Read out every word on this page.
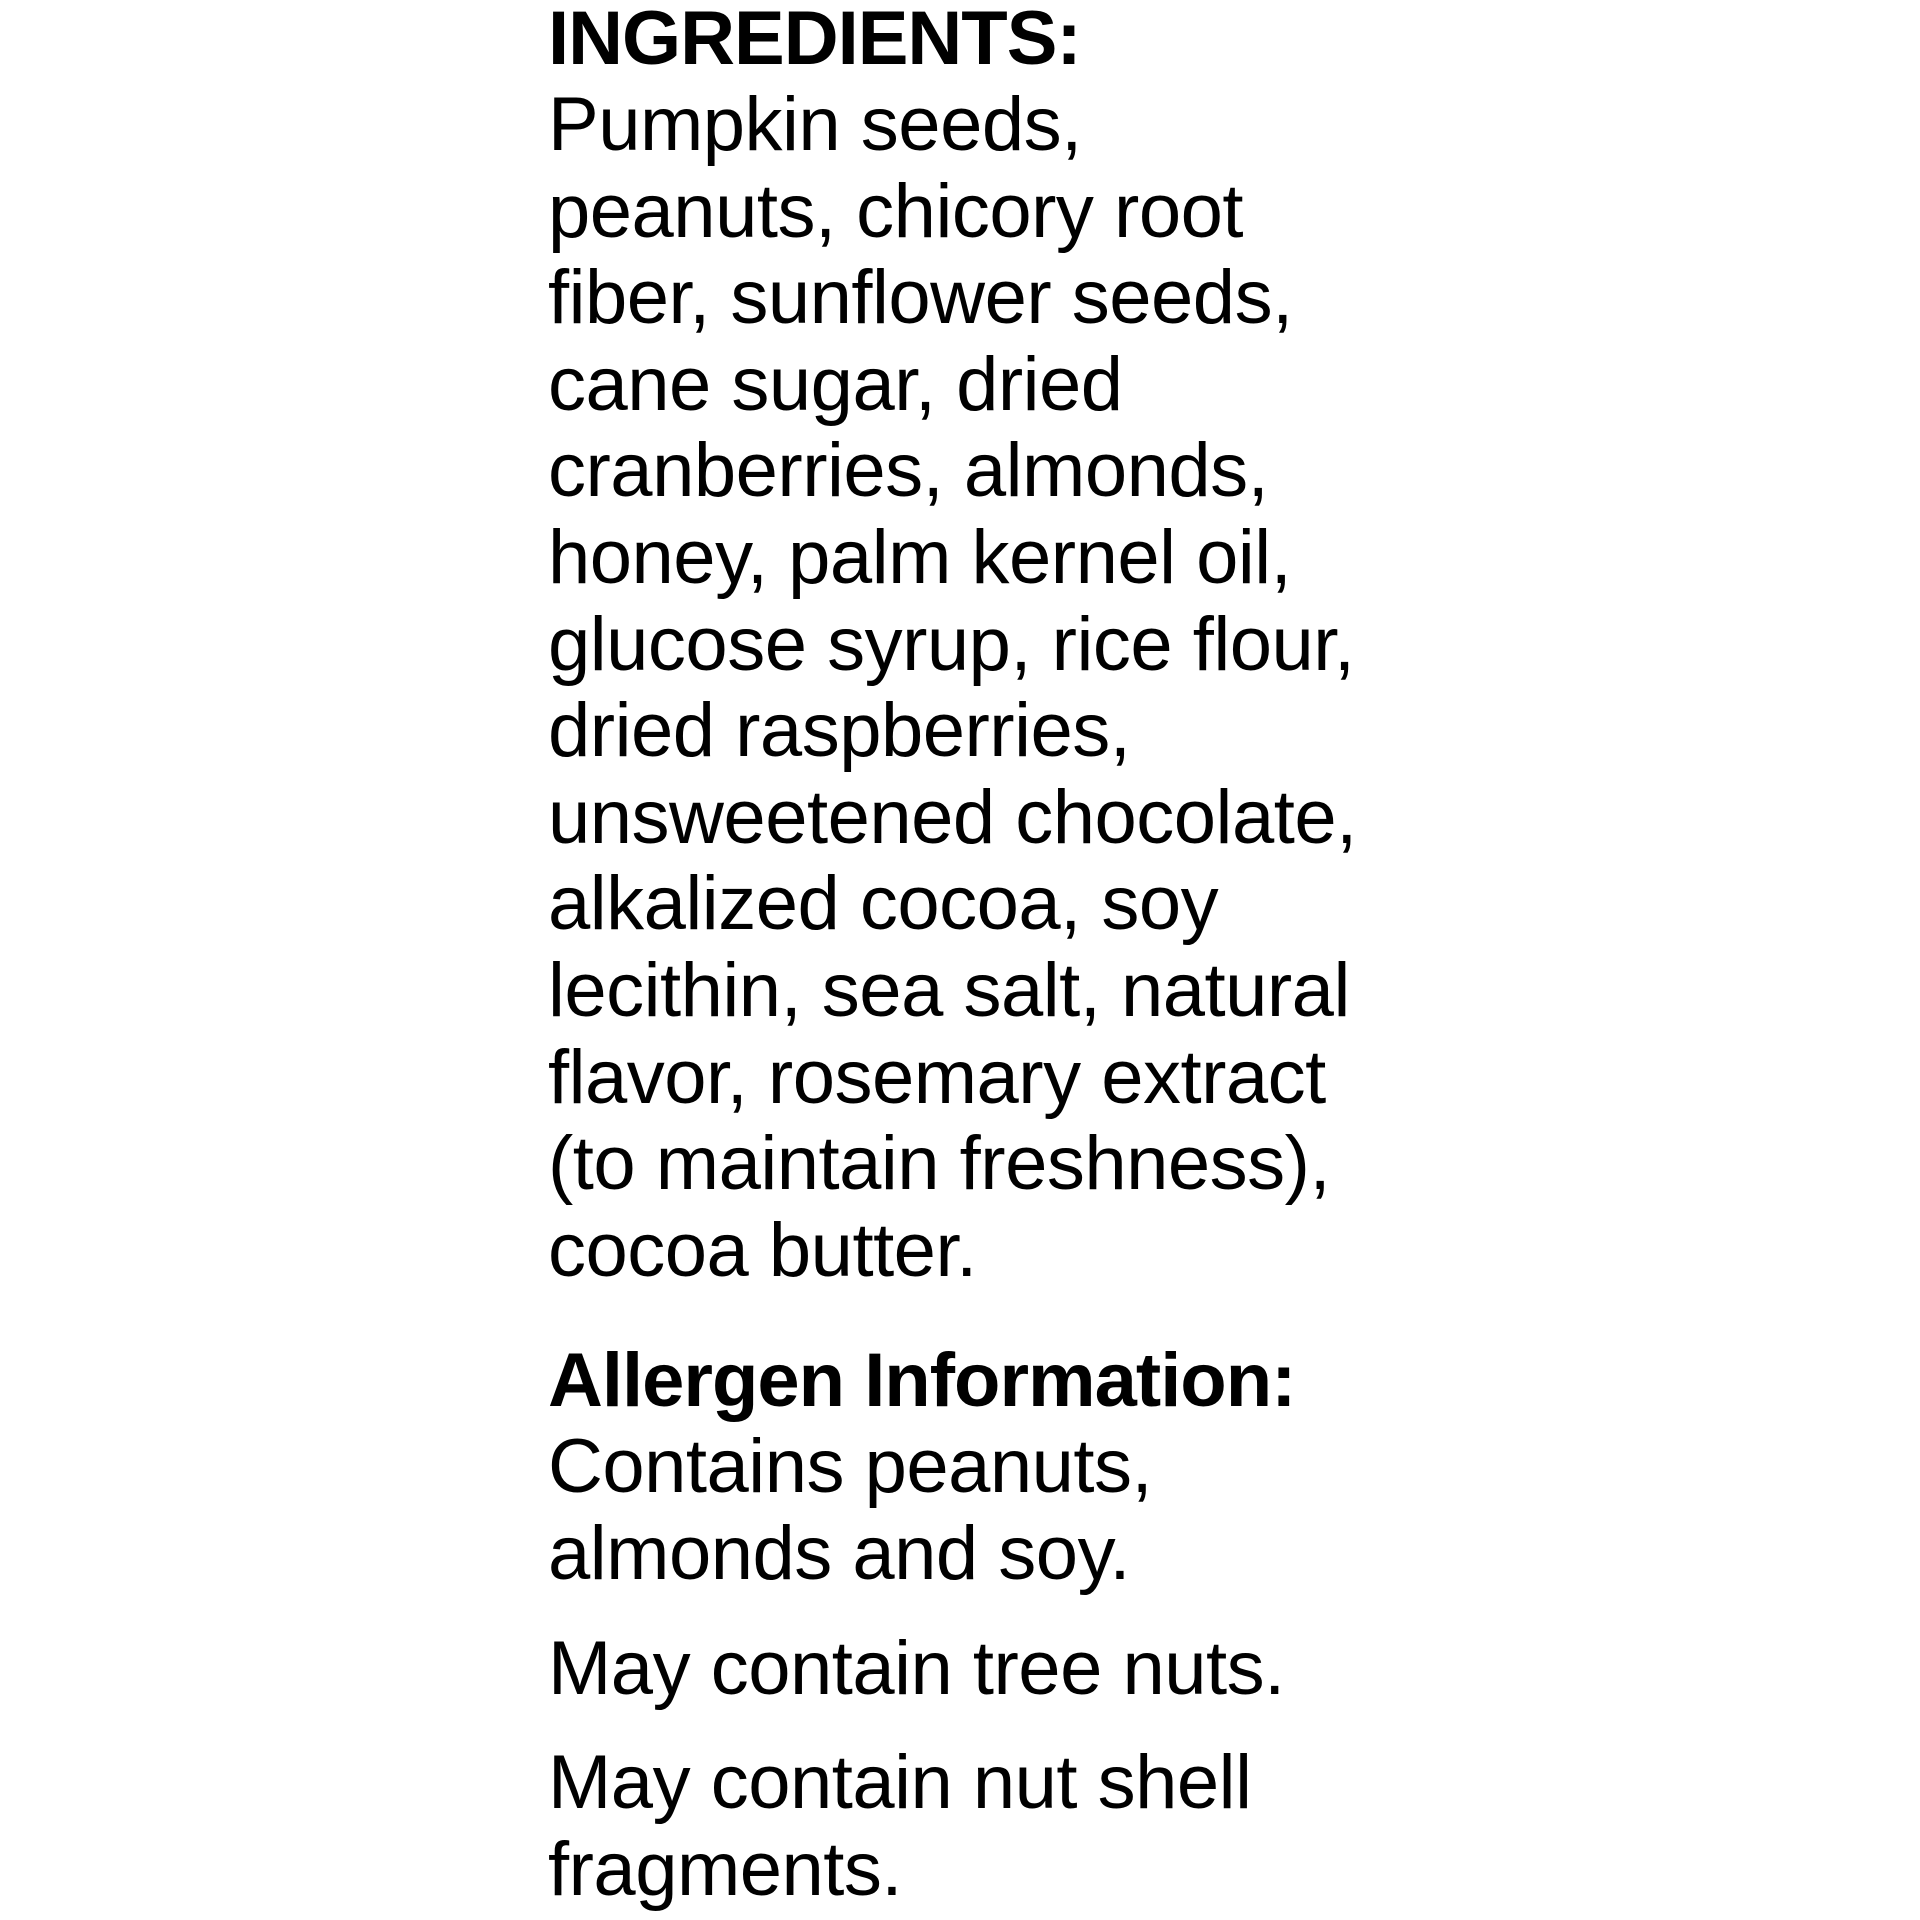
INGREDIENTS:

Pumpkin seeds,
peanuts, chicory root
fiber, sunflower seeds,
cane sugar, dried
cranberries, almonds,
honey, palm kernel oil,
glucose syrup, rice flour,
dried raspberries,
unsweetened chocolate,
alkalized cocoa, soy
lecithin, sea salt, natural
flavor, rosemary extract
(to maintain freshness),
cocoa butter.

Allergen Information:

Contains peanuts,
almonds and soy.

May contain tree nuts.

May contain nut shell
fragments.
